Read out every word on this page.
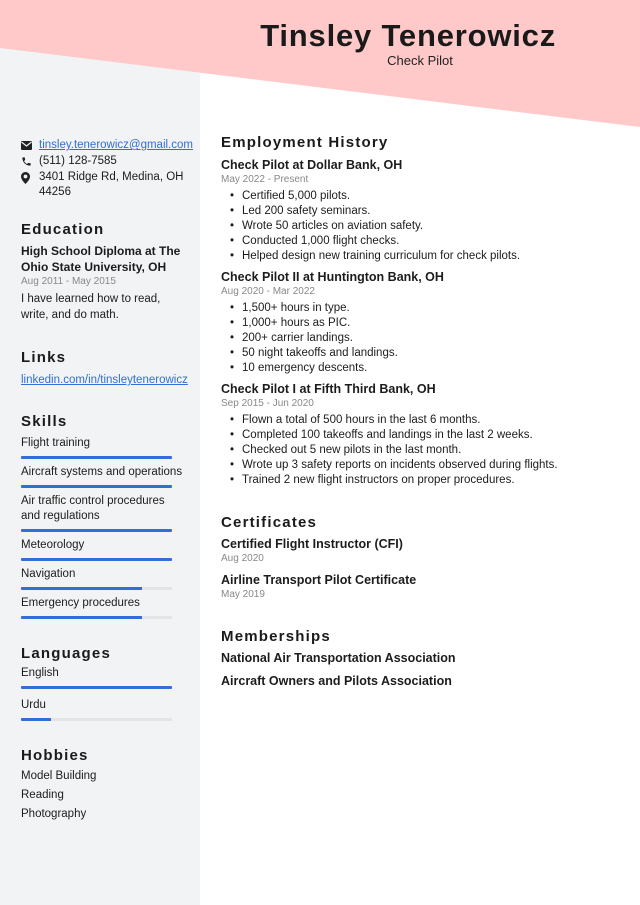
Tinsley Tenerowicz
Check Pilot
tinsley.tenerowicz@gmail.com
(511) 128-7585
3401 Ridge Rd, Medina, OH 44256
Education
High School Diploma at The Ohio State University, OH
Aug 2011 - May 2015
I have learned how to read, write, and do math.
Links
linkedin.com/in/tinsleytenerowicz
Skills
Flight training
Aircraft systems and operations
Air traffic control procedures and regulations
Meteorology
Navigation
Emergency procedures
Languages
English
Urdu
Hobbies
Model Building
Reading
Photography
Employment History
Check Pilot at Dollar Bank, OH
May 2022 - Present
• Certified 5,000 pilots.
• Led 200 safety seminars.
• Wrote 50 articles on aviation safety.
• Conducted 1,000 flight checks.
• Helped design new training curriculum for check pilots.
Check Pilot II at Huntington Bank, OH
Aug 2020 - Mar 2022
• 1,500+ hours in type.
• 1,000+ hours as PIC.
• 200+ carrier landings.
• 50 night takeoffs and landings.
• 10 emergency descents.
Check Pilot I at Fifth Third Bank, OH
Sep 2015 - Jun 2020
• Flown a total of 500 hours in the last 6 months.
• Completed 100 takeoffs and landings in the last 2 weeks.
• Checked out 5 new pilots in the last month.
• Wrote up 3 safety reports on incidents observed during flights.
• Trained 2 new flight instructors on proper procedures.
Certificates
Certified Flight Instructor (CFI)
Aug 2020
Airline Transport Pilot Certificate
May 2019
Memberships
National Air Transportation Association
Aircraft Owners and Pilots Association
